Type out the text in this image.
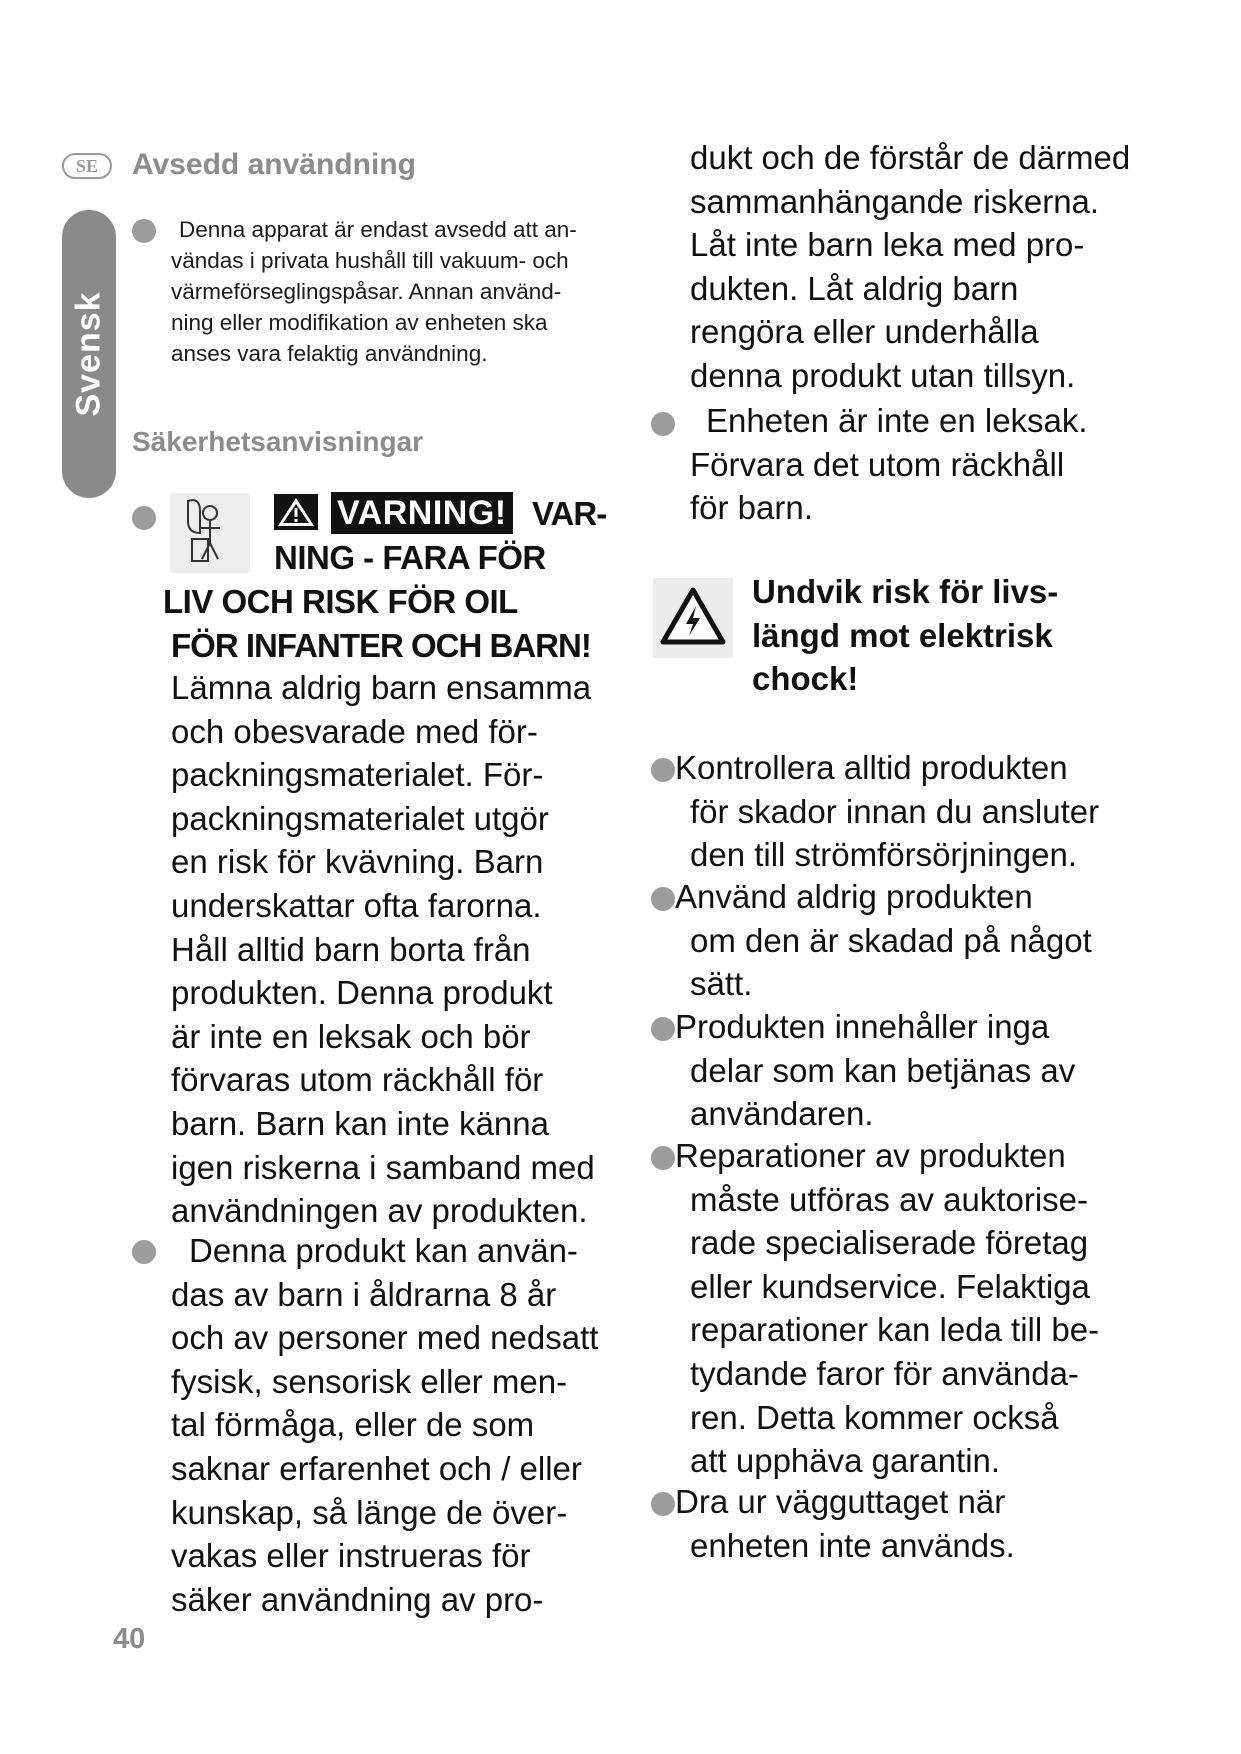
SE
Svensk
Avsedd användning
Denna apparat är endast avsedd att an-
vändas i privata hushåll till vakuum- och
värmeförseglingspåsar. Annan använd-
ning eller modifikation av enheten ska
anses vara felaktig användning.
Säkerhetsanvisningar
VARNING! VAR-
NING - FARA FÖR
LIV OCH RISK FÖR OIL
FÖR INFANTER OCH BARN!

Lämna aldrig barn ensamma

och obesvarade med för-

packningsmaterialet. För-

packningsmaterialet utgör

en risk för kvävning. Barn

underskattar ofta farorna.

Håll alltid barn borta från

produkten. Denna produkt

är inte en leksak och bör

förvaras utom räckhåll för

barn. Barn kan inte känna

igen riskerna i samband med

användningen av produkten.

Denna produkt kan använ-

das av barn i åldrarna 8 år

och av personer med nedsatt

fysisk, sensorisk eller men-

tal förmåga, eller de som

saknar erfarenhet och / eller

kunskap, så länge de över-

vakas eller instrueras för

säker användning av pro-

dukt och de förstår de därmed

sammanhängande riskerna.

Låt inte barn leka med pro-

dukten. Låt aldrig barn

rengöra eller underhålla

denna produkt utan tillsyn.

Enheten är inte en leksak.

Förvara det utom räckhåll

för barn.

Undvik risk för livs-

längd mot elektrisk

chock!

Kontrollera alltid produkten

för skador innan du ansluter

den till strömförsörjningen.

Använd aldrig produkten

om den är skadad på något

sätt.

Produkten innehåller inga

delar som kan betjänas av

användaren.

Reparationer av produkten

måste utföras av auktorise-

rade specialiserade företag

eller kundservice. Felaktiga

reparationer kan leda till be-

tydande faror för använda-

ren. Detta kommer också

att upphäva garantin.

Dra ur vägguttaget när

enheten inte används.

40
